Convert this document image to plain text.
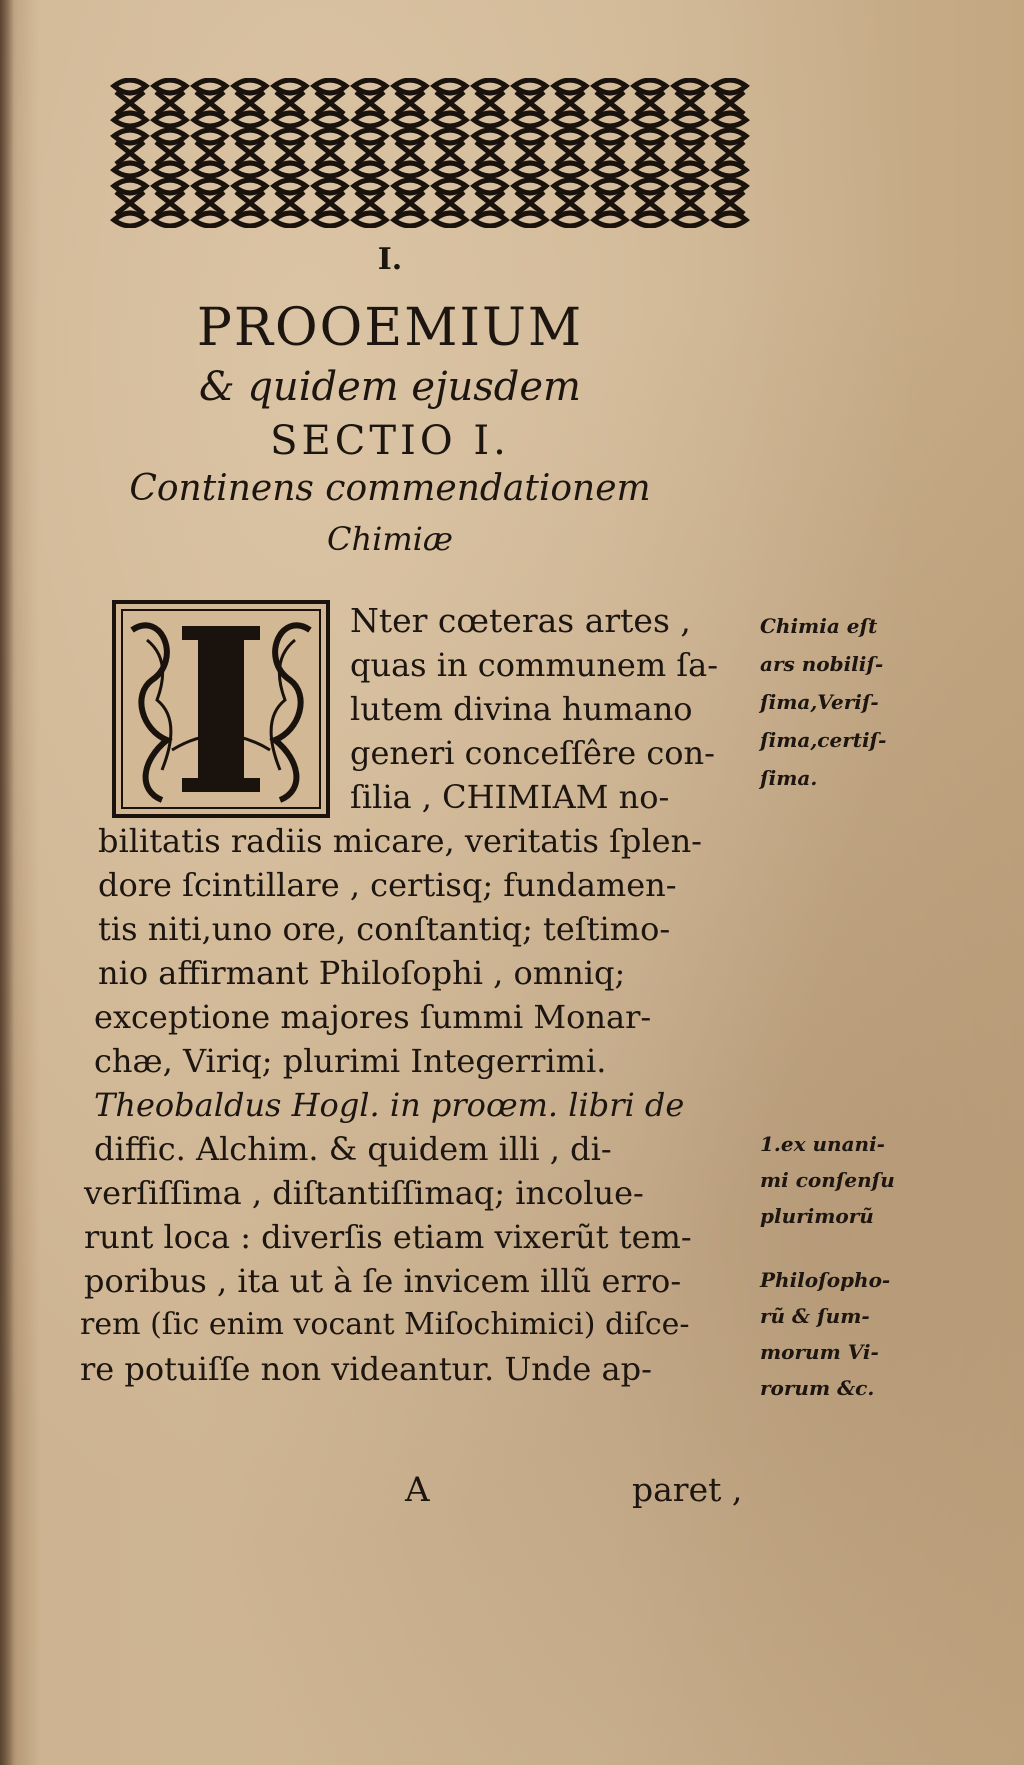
I.
PROOEMIUM
& quidem ejusdem
SECTIO I.
Continens commendationem
Chimiæ
Nter cœteras artes ,
quas in communem ſa-
lutem divina humano
generi conceſſêre con-
ſilia , CHIMIAM no-
bilitatis radiis micare, veritatis ſplen-
dore ſcintillare , certisq; fundamen-
tis niti,uno ore, conſtantiq; teſtimo-
nio affirmant Philoſophi , omniq;
exceptione majores ſummi Monar-
chæ, Viriq; plurimi Integerrimi.
Theobaldus Hogl. in proœm. libri de
diffic. Alchim. & quidem illi , di-
verſiſſima , diſtantiſſimaq; incolue-
runt loca : diverſis etiam vixerũt tem-
poribus , ita ut à ſe invicem illũ erro-
rem (ſic enim vocant Miſochimici) diſce-
re potuiſſe non videantur. Unde ap-
Chimia eſt
ars nobiliſ-
ſima,Veriſ-
ſima,certiſ-
ſima.
1.ex unani-
mi conſenſu
plurimorũ
Philoſopho-
rũ & ſum-
morum Vi-
rorum &c.
A	paret ,
